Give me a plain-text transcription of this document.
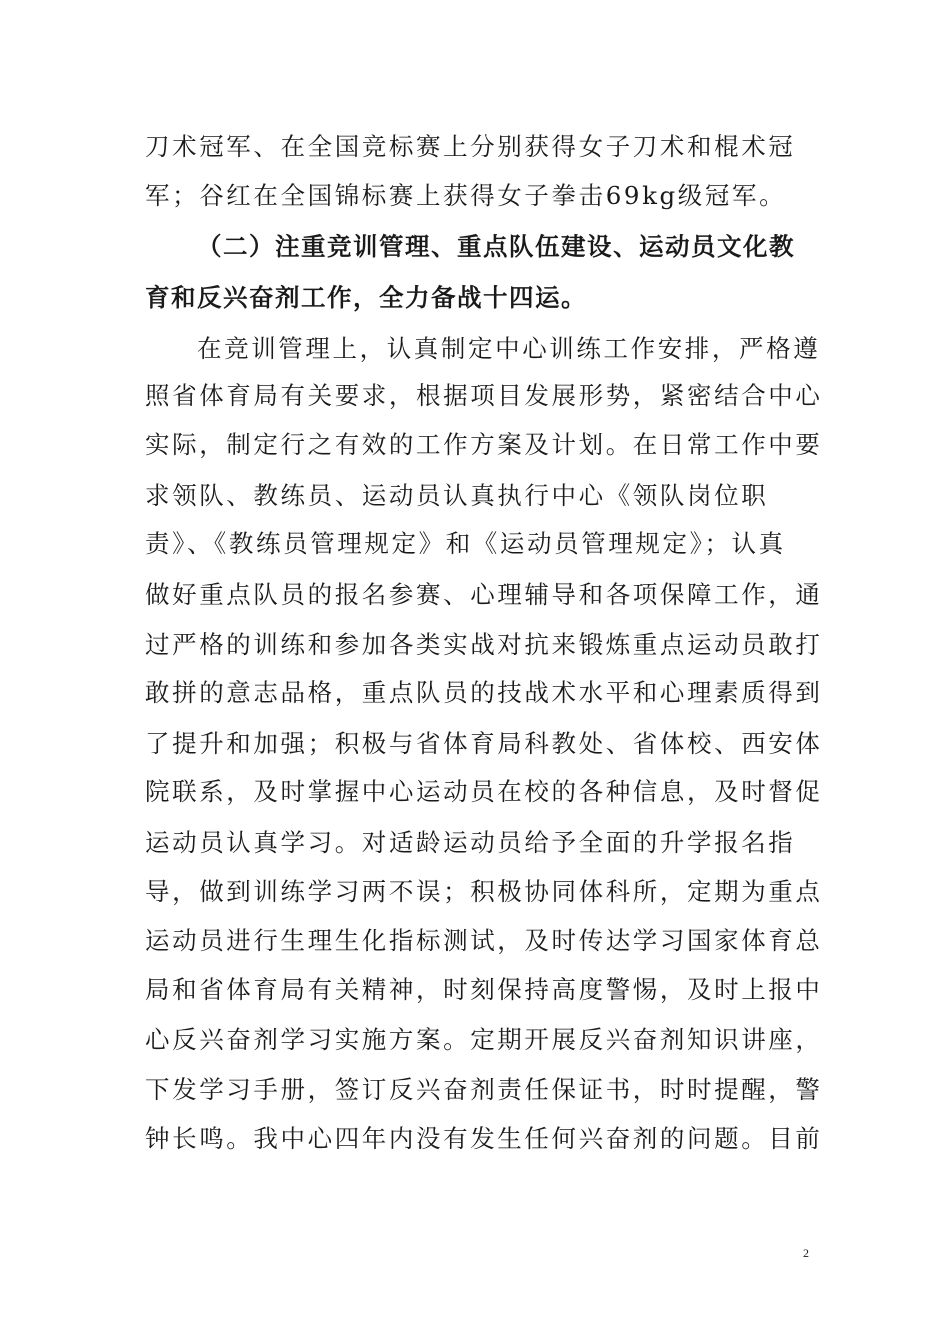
刀术冠军、在全国竞标赛上分别获得女子刀术和棍术冠
军；谷红在全国锦标赛上获得女子拳击69kg级冠军。
（二）注重竞训管理、重点队伍建设、运动员文化教
育和反兴奋剂工作，全力备战十四运。
在竞训管理上，认真制定中心训练工作安排，严格遵
照省体育局有关要求，根据项目发展形势，紧密结合中心
实际，制定行之有效的工作方案及计划。在日常工作中要
求领队、教练员、运动员认真执行中心《领队岗位职
责》、《教练员管理规定》和《运动员管理规定》；认真
做好重点队员的报名参赛、心理辅导和各项保障工作，通
过严格的训练和参加各类实战对抗来锻炼重点运动员敢打
敢拼的意志品格，重点队员的技战术水平和心理素质得到
了提升和加强；积极与省体育局科教处、省体校、西安体
院联系，及时掌握中心运动员在校的各种信息，及时督促
运动员认真学习。对适龄运动员给予全面的升学报名指
导，做到训练学习两不误；积极协同体科所，定期为重点
运动员进行生理生化指标测试，及时传达学习国家体育总
局和省体育局有关精神，时刻保持高度警惕，及时上报中
心反兴奋剂学习实施方案。定期开展反兴奋剂知识讲座，
下发学习手册，签订反兴奋剂责任保证书，时时提醒，警
钟长鸣。我中心四年内没有发生任何兴奋剂的问题。目前
2
